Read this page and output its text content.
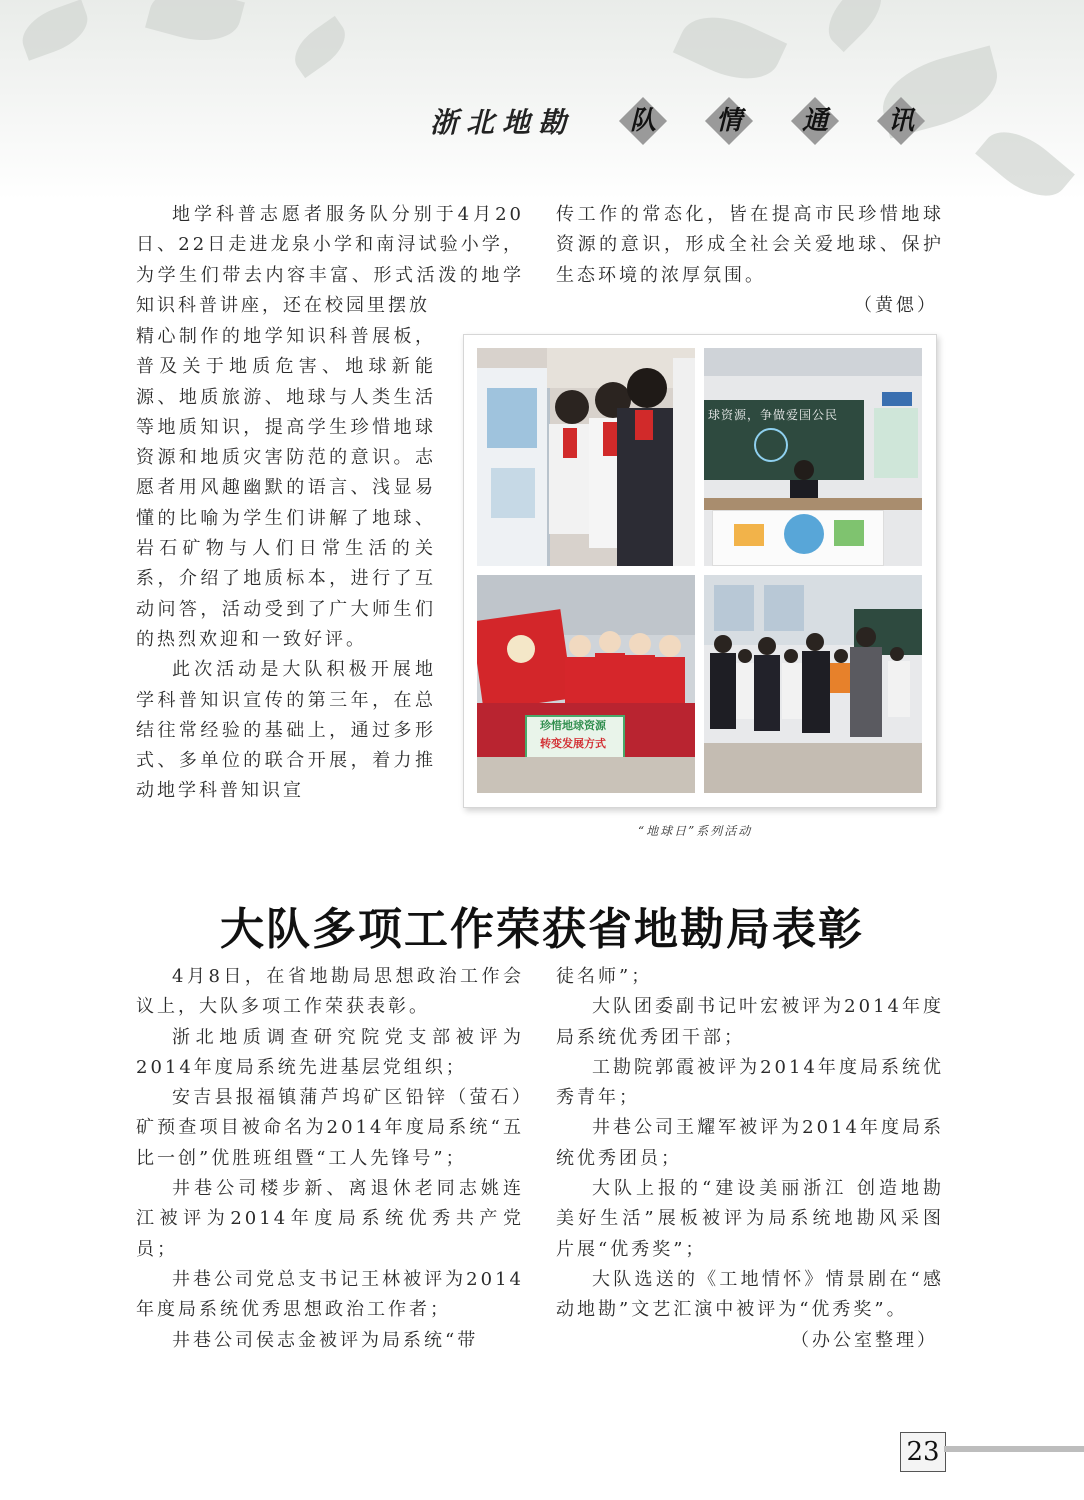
浙北地勘	队	情	通	讯

地学科普志愿者服务队分别于4月20日、22日走进龙泉小学和南浔试验小学，为学生们带去内容丰富、形式活泼的地学知识科普讲座，还在校园里摆放

精心制作的地学知识科普展板，普及关于地质危害、地球新能源、地质旅游、地球与人类生活等地质知识，提高学生珍惜地球资源和地质灾害防范的意识。志愿者用风趣幽默的语言、浅显易懂的比喻为学生们讲解了地球、岩石矿物与人们日常生活的关系，介绍了地质标本，进行了互动问答，活动受到了广大师生们的热烈欢迎和一致好评。

此次活动是大队积极开展地学科普知识宣传的第三年，在总结往常经验的基础上，通过多形式、多单位的联合开展，着力推动地学科普知识宣

传工作的常态化，皆在提高市民珍惜地球资源的意识，形成全社会关爱地球、保护生态环境的浓厚氛围。

（黄偲）

球资源，争做爱国公民
珍惜地球资源
转变发展方式
“地球日”系列活动
大队多项工作荣获省地勘局表彰

4月8日，在省地勘局思想政治工作会议上，大队多项工作荣获表彰。

浙北地质调查研究院党支部被评为2014年度局系统先进基层党组织；

安吉县报福镇蒲芦坞矿区铅锌（萤石）矿预查项目被命名为2014年度局系统“五比一创”优胜班组暨“工人先锋号”；

井巷公司楼步新、离退休老同志姚连江被评为2014年度局系统优秀共产党员；

井巷公司党总支书记王林被评为2014年度局系统优秀思想政治工作者；

井巷公司侯志金被评为局系统“带

徒名师”；

大队团委副书记叶宏被评为2014年度局系统优秀团干部；

工勘院郭霞被评为2014年度局系统优秀青年；

井巷公司王耀军被评为2014年度局系统优秀团员；

大队上报的“建设美丽浙江 创造地勘美好生活”展板被评为局系统地勘风采图片展“优秀奖”；

大队选送的《工地情怀》情景剧在“感动地勘”文艺汇演中被评为“优秀奖”。

（办公室整理）

23
